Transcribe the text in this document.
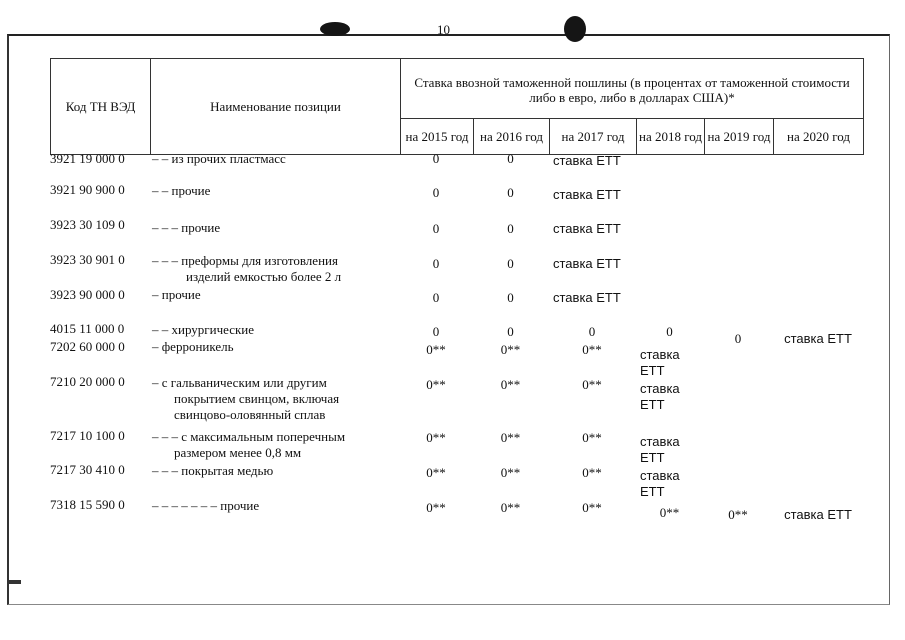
10
Код ТН ВЭД	Наименование позиции	Ставка ввозной таможенной пошлины (в процентах от таможенной стоимости либо в евро, либо в долларах США)*					
		на 2015 год	на 2016 год	на 2017 год	на 2018 год	на 2019 год	на 2020 год
3921 19 000 0	– – из прочих пластмасс	0	0	ставка ЕТТ
3921 90 900 0	– – прочие	0	0	ставка ЕТТ
3923 30 109 0	– – – прочие	0	0	ставка ЕТТ
3923 30 901 0	– – – преформы для изготовления
изделий емкостью более 2 л
0	0	ставка ЕТТ
3923 90 000 0	– прочие	0	0	ставка ЕТТ
4015 11 000 0	– – хирургические	0	0	0	0	0	ставка ЕТТ
7202 60 000 0	– ферроникель	0**	0**	0**	ставка ЕТТ
7210 20 000 0	– с гальваническим или другим
покрытием свинцом, включая
свинцово-оловянный сплав
0**	0**	0**	ставка ЕТТ
7217 10 100 0	– – – с максимальным поперечным
размером менее 0,8 мм
0**	0**	0**	ставка ЕТТ
7217 30 410 0	– – – покрытая медью	0**	0**	0**	ставка ЕТТ
7318 15 590 0	– – – – – – – прочие	0**	0**	0**	0**	0**	ставка ЕТТ
